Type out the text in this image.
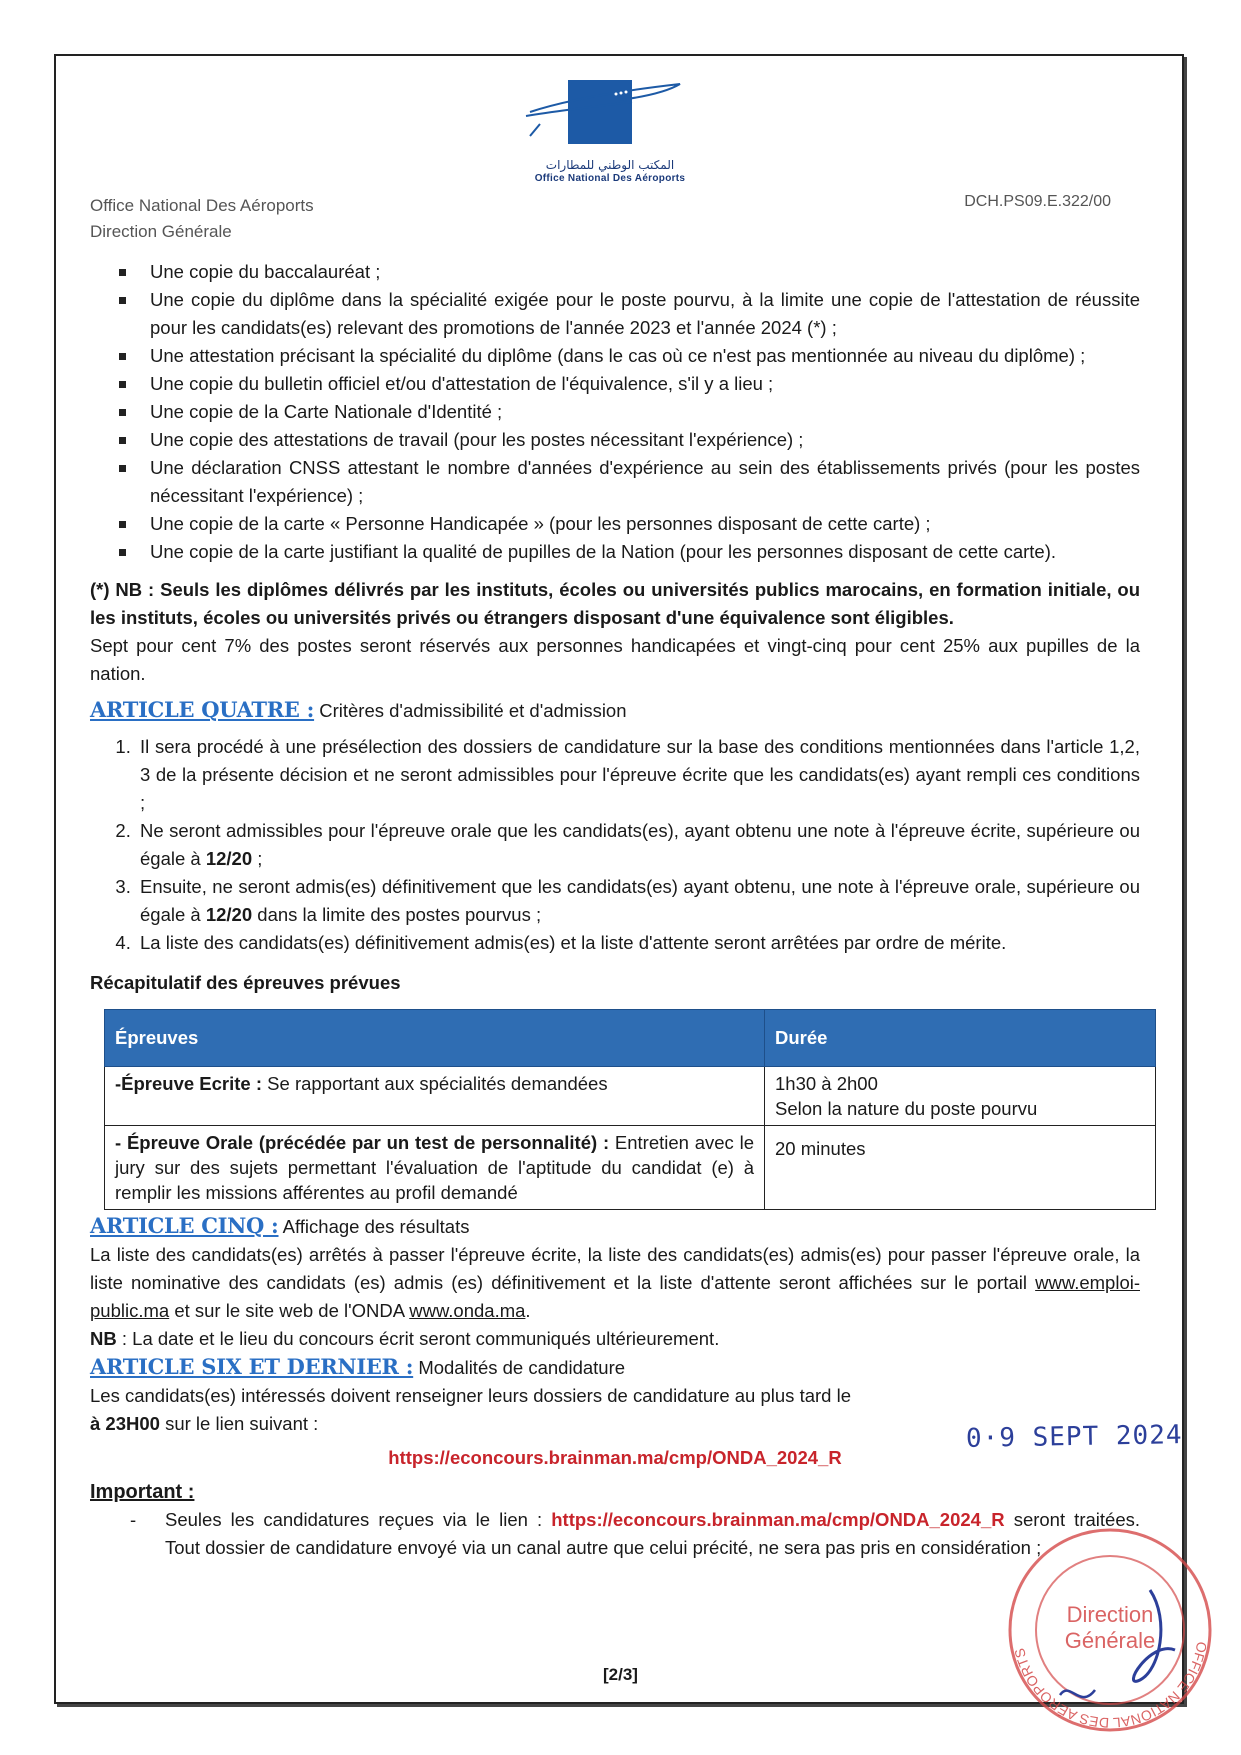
المكتب الوطني للمطارات
Office National Des Aéroports
Office National Des Aéroports
Direction Générale
DCH.PS09.E.322/00
Une copie du baccalauréat ;
Une copie du diplôme dans la spécialité exigée pour le poste pourvu, à la limite une copie de l'attestation de réussite pour les candidats(es) relevant des promotions de l'année 2023 et l'année 2024 (*) ;
Une attestation précisant la spécialité du diplôme (dans le cas où ce n'est pas mentionnée au niveau du diplôme) ;
Une copie du bulletin officiel et/ou d'attestation de l'équivalence, s'il y a lieu ;
Une copie de la Carte Nationale d'Identité ;
Une copie des attestations de travail (pour les postes nécessitant l'expérience) ;
Une déclaration CNSS attestant le nombre d'années d'expérience au sein des établissements privés (pour les postes nécessitant l'expérience) ;
Une copie de la carte « Personne Handicapée » (pour les personnes disposant de cette carte) ;
Une copie de la carte justifiant la qualité de pupilles de la Nation (pour les personnes disposant de cette carte).
(*) NB : Seuls les diplômes délivrés par les instituts, écoles ou universités publics marocains, en formation initiale, ou les instituts, écoles ou universités privés ou étrangers disposant d'une équivalence sont éligibles.
Sept pour cent 7% des postes seront réservés aux personnes handicapées et vingt-cinq pour cent 25% aux pupilles de la nation.
ARTICLE QUATRE : Critères d'admissibilité et d'admission
1. Il sera procédé à une présélection des dossiers de candidature sur la base des conditions mentionnées dans l'article 1,2, 3 de la présente décision et ne seront admissibles pour l'épreuve écrite que les candidats(es) ayant rempli ces conditions ;
2. Ne seront admissibles pour l'épreuve orale que les candidats(es), ayant obtenu une note à l'épreuve écrite, supérieure ou égale à 12/20 ;
3. Ensuite, ne seront admis(es) définitivement que les candidats(es) ayant obtenu, une note à l'épreuve orale, supérieure ou égale à 12/20 dans la limite des postes pourvus ;
4. La liste des candidats(es) définitivement admis(es) et la liste d'attente seront arrêtées par ordre de mérite.
Récapitulatif des épreuves prévues
Épreuves	Durée
-Épreuve Ecrite : Se rapportant aux spécialités demandées	1h30 à 2h00
Selon la nature du poste pourvu

- Épreuve Orale (précédée par un test de personnalité) : Entretien avec le jury sur des sujets permettant l'évaluation de l'aptitude du candidat (e) à remplir les missions afférentes au profil demandé	20 minutes
ARTICLE CINQ : Affichage des résultats
La liste des candidats(es) arrêtés à passer l'épreuve écrite, la liste des candidats(es) admis(es) pour passer l'épreuve orale, la liste nominative des candidats (es) admis (es) définitivement et la liste d'attente seront affichées sur le portail www.emploi-public.ma et sur le site web de l'ONDA www.onda.ma.
NB : La date et le lieu du concours écrit seront communiqués ultérieurement.
ARTICLE SIX ET DERNIER : Modalités de candidature
Les candidats(es) intéressés doivent renseigner leurs dossiers de candidature au plus tard le
à 23H00 sur le lien suivant :
https://econcours.brainman.ma/cmp/ONDA_2024_R
Important :
- Seules les candidatures reçues via le lien : https://econcours.brainman.ma/cmp/ONDA_2024_R seront traitées. Tout dossier de candidature envoyé via un canal autre que celui précité, ne sera pas pris en considération ;
0·9 SEPT 2024
OFFICE NATIONAL DES AÉROPORTS
Direction
Générale
[2/3]
